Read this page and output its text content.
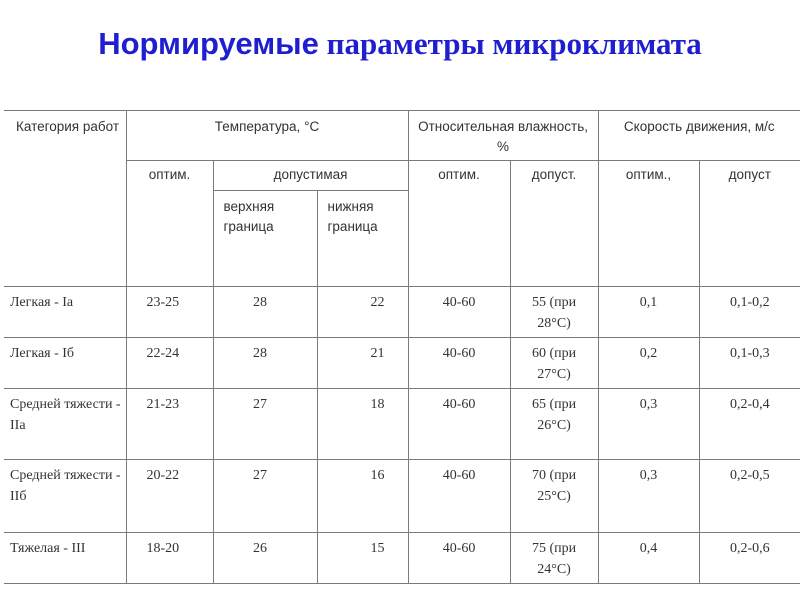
Нормируемые параметры микроклимата
Категория работ	Температура, °С			Относительная влажность, %		Скорость движения, м/с	
	оптим.	допустимая		оптим.	допуст.	оптим.,	допуст
		верхняя граница	нижняя граница				
Легкая - Ia	23-25	28	22	40-60	55 (при 28°С)	0,1	0,1-0,2
Легкая - Iб	22-24	28	21	40-60	60 (при 27°С)	0,2	0,1-0,3
Средней тяжести - IIа	21-23	27	18	40-60	65 (при 26°С)	0,3	0,2-0,4
Средней тяжести - IIб	20-22	27	16	40-60	70 (при 25°С)	0,3	0,2-0,5
Тяжелая - III	18-20	26	15	40-60	75 (при 24°С)	0,4	0,2-0,6
